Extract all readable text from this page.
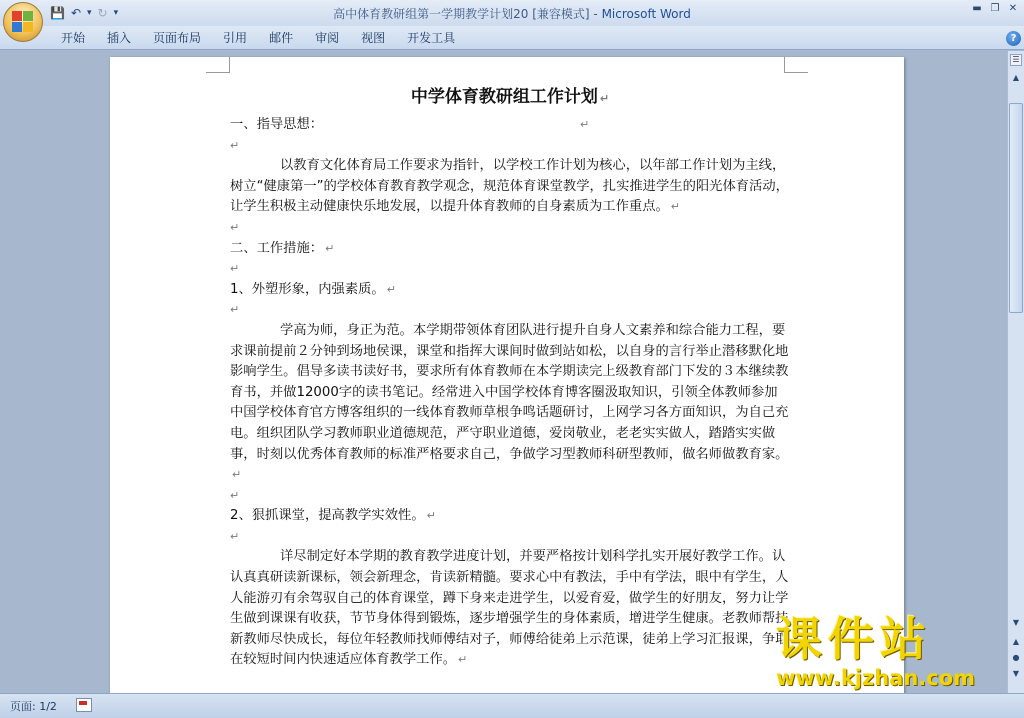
💾 ↶ ▾ ↻ ▾	高中体育教研组第一学期教学计划20 [兼容模式] - Microsoft Word	▬ ❐ ✕
开始	插入	页面布局	引用	邮件	审阅	视图	开发工具	?

中学体育教研组工作计划 ↵

一、指导思想：	↵

↵

以教育文化体育局工作要求为指针，以学校工作计划为核心，以年部工作计划为主线，树立“健康第一”的学校体育教育教学观念，规范体育课堂教学，扎实推进学生的阳光体育活动，让学生积极主动健康快乐地发展，以提升体育教师的自身素质为工作重点。 ↵

↵

二、工作措施： ↵

↵

1、外塑形象，内强素质。 ↵

↵

学高为师，身正为范。本学期带领体育团队进行提升自身人文素养和综合能力工程，要求课前提前２分钟到场地侯课，课堂和指挥大课间时做到站如松，以自身的言行举止潜移默化地影响学生。倡导多读书读好书，要求所有体育教师在本学期读完上级教育部门下发的３本继续教育书，并做12000字的读书笔记。经常进入中国学校体育博客圈汲取知识，引领全体教师参加中国学校体育官方博客组织的一线体育教师草根争鸣话题研讨，上网学习各方面知识，为自己充电。组织团队学习教师职业道德规范，严守职业道德，爱岗敬业，老老实实做人，踏踏实实做事，时刻以优秀体育教师的标准严格要求自己，争做学习型教师科研型教师，做名师做教育家。↵

↵

2、狠抓课堂，提高教学实效性。 ↵

↵

详尽制定好本学期的教育教学进度计划，并要严格按计划科学扎实开展好教学工作。认认真真研读新课标，领会新理念，肯读新精髓。要求心中有教法，手中有学法，眼中有学生，人人能游刃有余驾驭自己的体育课堂，蹲下身来走进学生，以爱育爱，做学生的好朋友，努力让学生做到课课有收获，节节身体得到锻炼，逐步增强学生的身体素质，增进学生健康。老教师帮扶新教师尽快成长，每位年轻教师找师傅结对子，师傅给徒弟上示范课，徒弟上学习汇报课，争取在较短时间内快速适应体育教学工作。 ↵

☰
▲
▼
▲
●
▼
页面: 1/2
课件站
www.kjzhan.com
